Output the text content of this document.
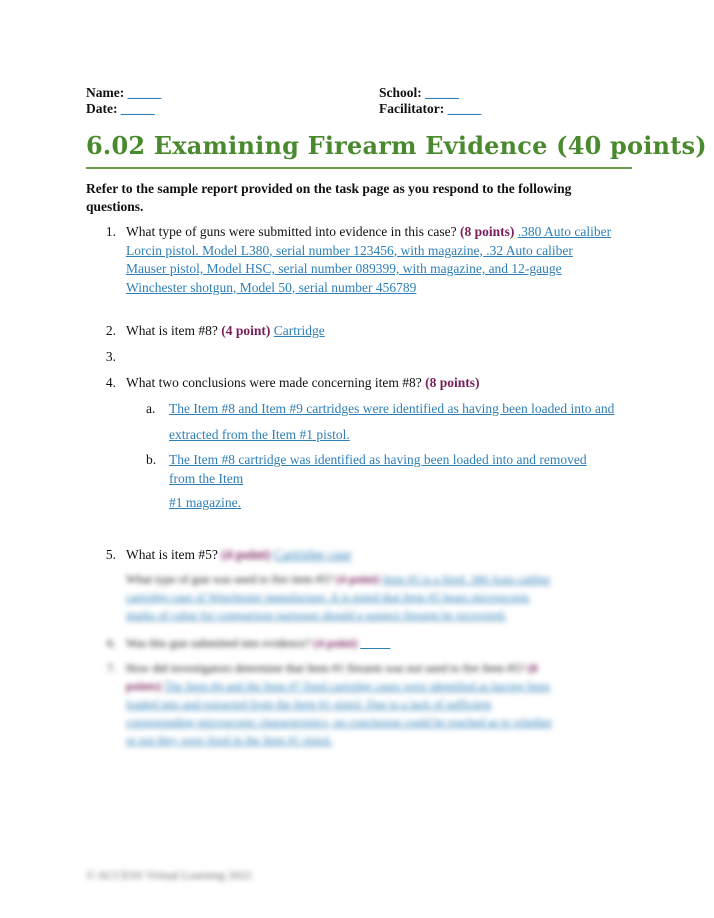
Name: _____
Date: _____
School: _____
Facilitator: _____
6.02 Examining Firearm Evidence (40 points)
Refer to the sample report provided on the task page as you respond to the following questions.
1. What type of guns were submitted into evidence in this case? (8 points) .380 Auto caliber
Lorcin pistol. Model L380, serial number 123456, with magazine, .32 Auto caliber
Mauser pistol, Model HSC, serial number 089399, with magazine, and 12-gauge
Winchester shotgun, Model 50, serial number 456789
2. What is item #8? (4 point) Cartridge
3.
4. What two conclusions were made concerning item #8? (8 points)
a. The Item #8 and Item #9 cartridges were identified as having been loaded into and
extracted from the Item #1 pistol.
b. The Item #8 cartridge was identified as having been loaded into and removed
from the Item
#1 magazine.
5. What is item #5? (4 point) Cartridge case
What type of gun was used to fire item #5? (4 point) Item #5 is a fired .380 Auto caliber
cartridge case of Winchester manufacture. It is noted that Item #5 bears microscopic
marks of value for comparison purposes should a suspect firearm be recovered.
6. Was this gun submitted into evidence? (4 point) _____
7. How did investigators determine that Item #1 firearm was not used to fire Item #5? (8
points) The Item #4 and the Item #7 fired cartridge cases were identified as having been
loaded into and extracted from the Item #1 pistol. Due to a lack of sufficient
corresponding microscopic characteristics, no conclusion could be reached as to whether
or not they were fired in the Item #1 pistol.
© ACCESS Virtual Learning 2021
